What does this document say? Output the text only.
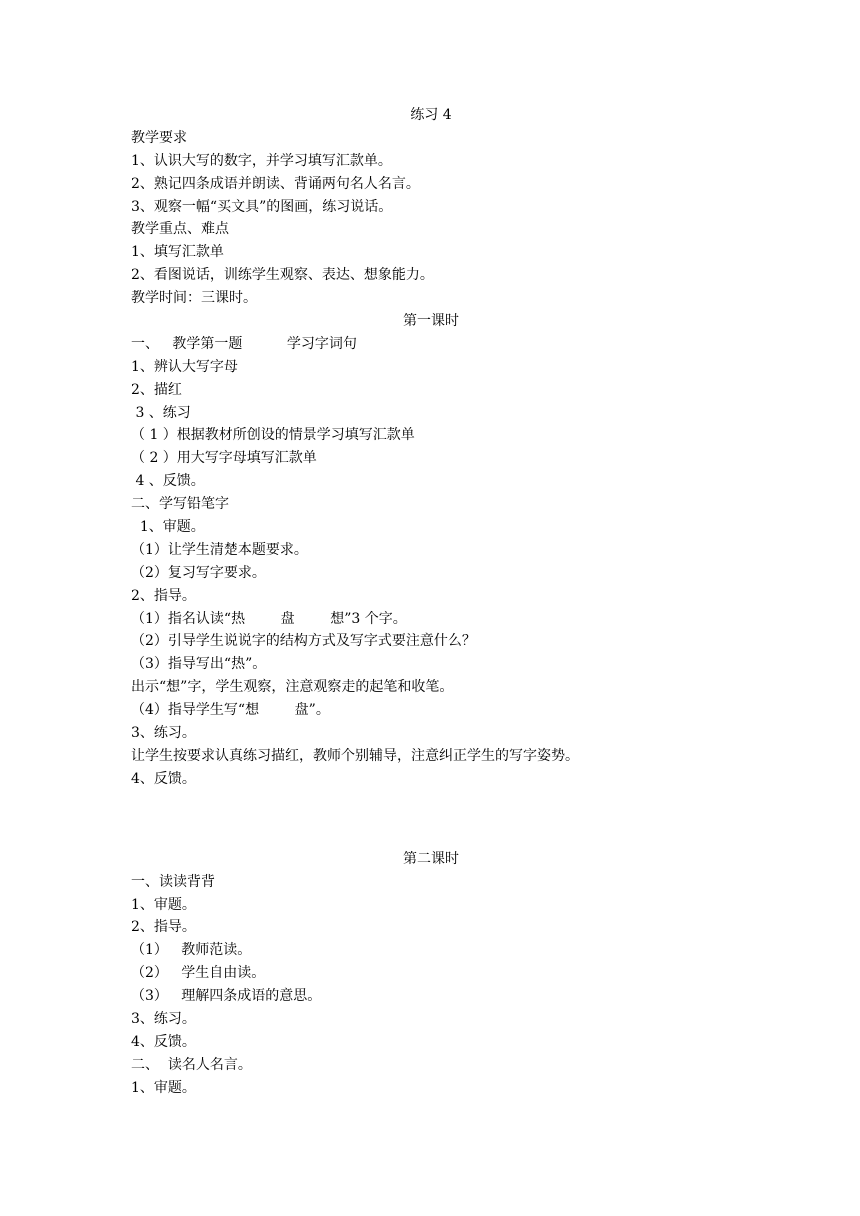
练习 4
教学要求
1、认识大写的数字，并学习填写汇款单。
2、熟记四条成语并朗读、背诵两句名人名言。
3、观察一幅“买文具”的图画，练习说话。
教学重点、难点
1、填写汇款单
2、看图说话，训练学生观察、表达、想象能力。
教学时间：三课时。
第一课时
一、   教学第一题          学习字词句
1、辨认大写字母
2、描红
3 、练习
（ 1 ）根据教材所创设的情景学习填写汇款单
（ 2 ）用大写字母填写汇款单
4 、反馈。
二、学写铅笔字
1、审题。
（1）让学生清楚本题要求。
（2）复习写字要求。
2、指导。
（1）指名认读“热        盘        想”3 个字。
（2）引导学生说说字的结构方式及写字式要注意什么？
（3）指导写出“热”。
出示“想”字，学生观察，注意观察走的起笔和收笔。
（4）指导学生写“想        盘”。
3、练习。
让学生按要求认真练习描红，教师个别辅导，注意纠正学生的写字姿势。
4、反馈。
第二课时
一、读读背背
1、审题。
2、指导。
（1）   教师范读。
（2）   学生自由读。
（3）   理解四条成语的意思。
3、练习。
4、反馈。
二、  读名人名言。
1、审题。
